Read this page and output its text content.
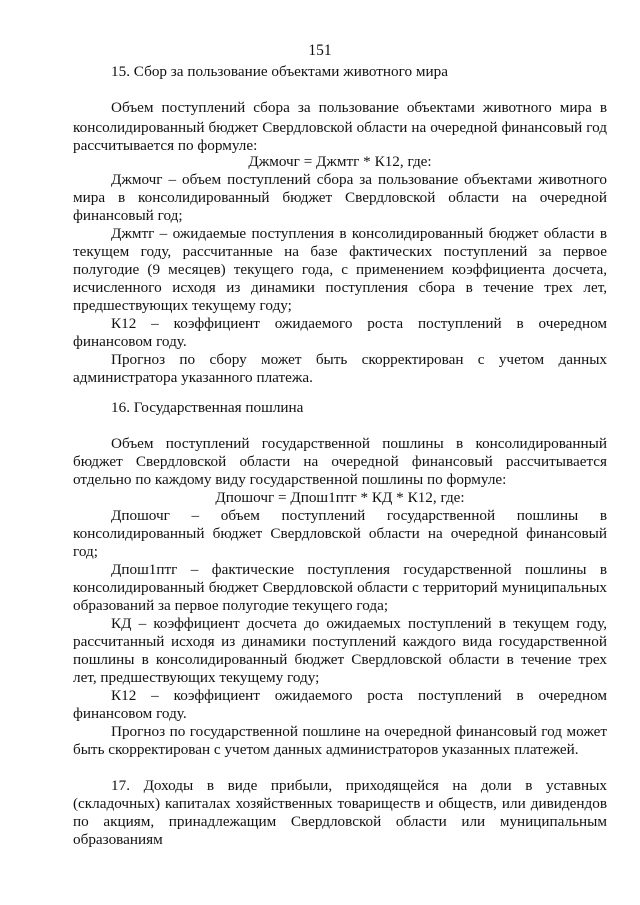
151
15. Сбор за пользование объектами животного мира
Объем поступлений сбора за пользование объектами животного мира в
консолидированный бюджет Свердловской области на очередной финансовый год
рассчитывается по формуле:
Джмочг = Джмтг * К12, где:
Джмочг – объем поступлений сбора за пользование объектами животного
мира в консолидированный бюджет Свердловской области на очередной
финансовый год;
Джмтг – ожидаемые поступления в консолидированный бюджет области в
текущем году, рассчитанные на базе фактических поступлений за первое
полугодие (9 месяцев) текущего года, с применением коэффициента досчета,
исчисленного исходя из динамики поступления сбора в течение трех лет,
предшествующих текущему году;
К12 – коэффициент ожидаемого роста поступлений в очередном
финансовом году.
Прогноз по сбору может быть скорректирован с учетом данных
администратора указанного платежа.
16. Государственная пошлина
Объем поступлений государственной пошлины в консолидированный
бюджет Свердловской области на очередной финансовый рассчитывается
отдельно по каждому виду государственной пошлины по формуле:
Дпошочг = Дпош1птг * КД * К12, где:
Дпошочг – объем поступлений государственной пошлины в
консолидированный бюджет Свердловской области на очередной финансовый
год;
Дпош1птг – фактические поступления государственной пошлины в
консолидированный бюджет Свердловской области с территорий муниципальных
образований за первое полугодие текущего года;
КД – коэффициент досчета до ожидаемых поступлений в текущем году,
рассчитанный исходя из динамики поступлений каждого вида государственной
пошлины в консолидированный бюджет Свердловской области в течение трех
лет, предшествующих текущему году;
К12 – коэффициент ожидаемого роста поступлений в очередном
финансовом году.
Прогноз по государственной пошлине на очередной финансовый год может
быть скорректирован с учетом данных администраторов указанных платежей.
17. Доходы в виде прибыли, приходящейся на доли в уставных
(складочных) капиталах хозяйственных товариществ и обществ, или дивидендов
по акциям, принадлежащим Свердловской области или муниципальным
образованиям
